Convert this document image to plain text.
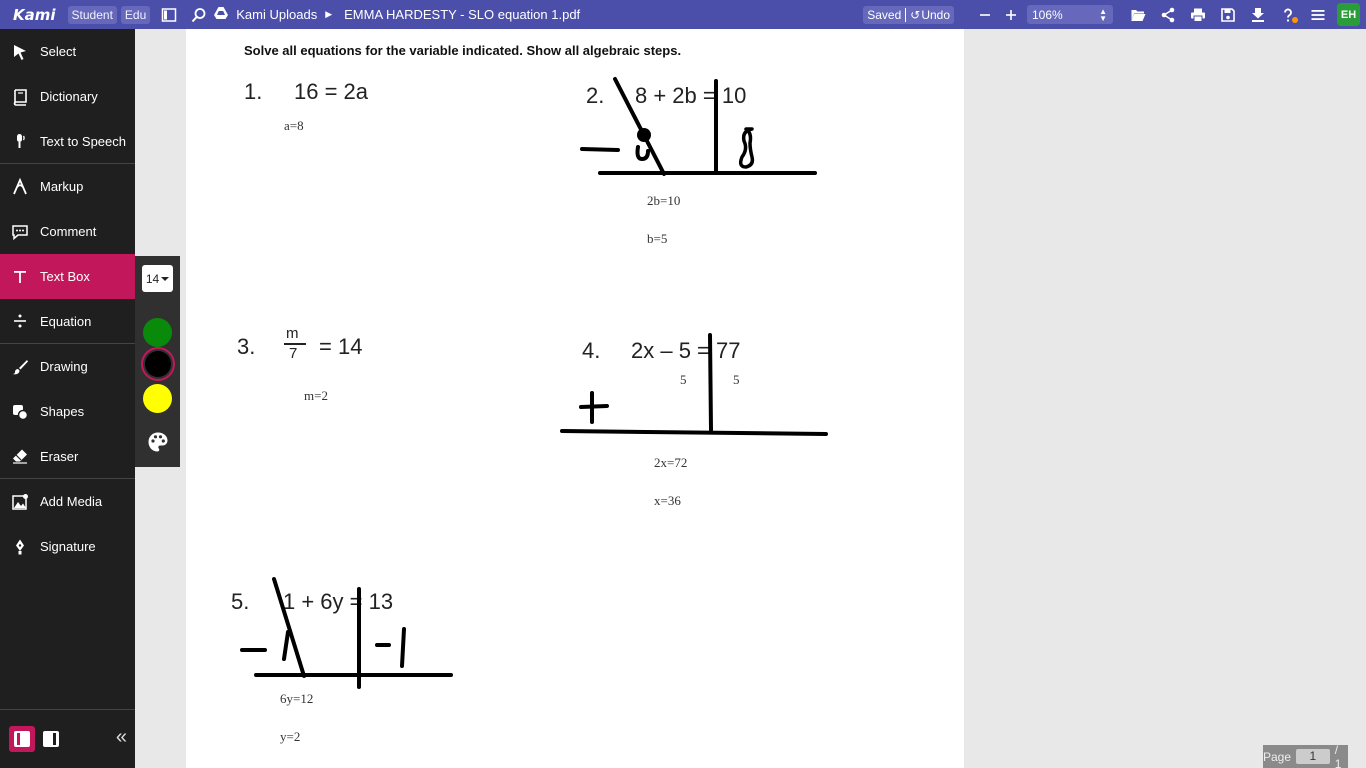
Kami	Student	Edu	Kami Uploads ▶ EMMA HARDESTY - SLO equation 1.pdf	Saved ↺Undo	106%	▲
▼	EH
Select
Dictionary
Text to Speech
Markup
Comment
Text Box
Equation
Drawing
Shapes
Eraser
Add Media
Signature
«
14
Solve all equations for the variable indicated. Show all algebraic steps.
1. 16 = 2a
a=8
2. 8 + 2b = 10
2b=10
b=5
3.
m
7 = 14
m=2
4. 2x – 5 = 77
5	5
2x=72
x=36
5. 1 + 6y = 13
6y=12
y=2
Page	1	/ 1
